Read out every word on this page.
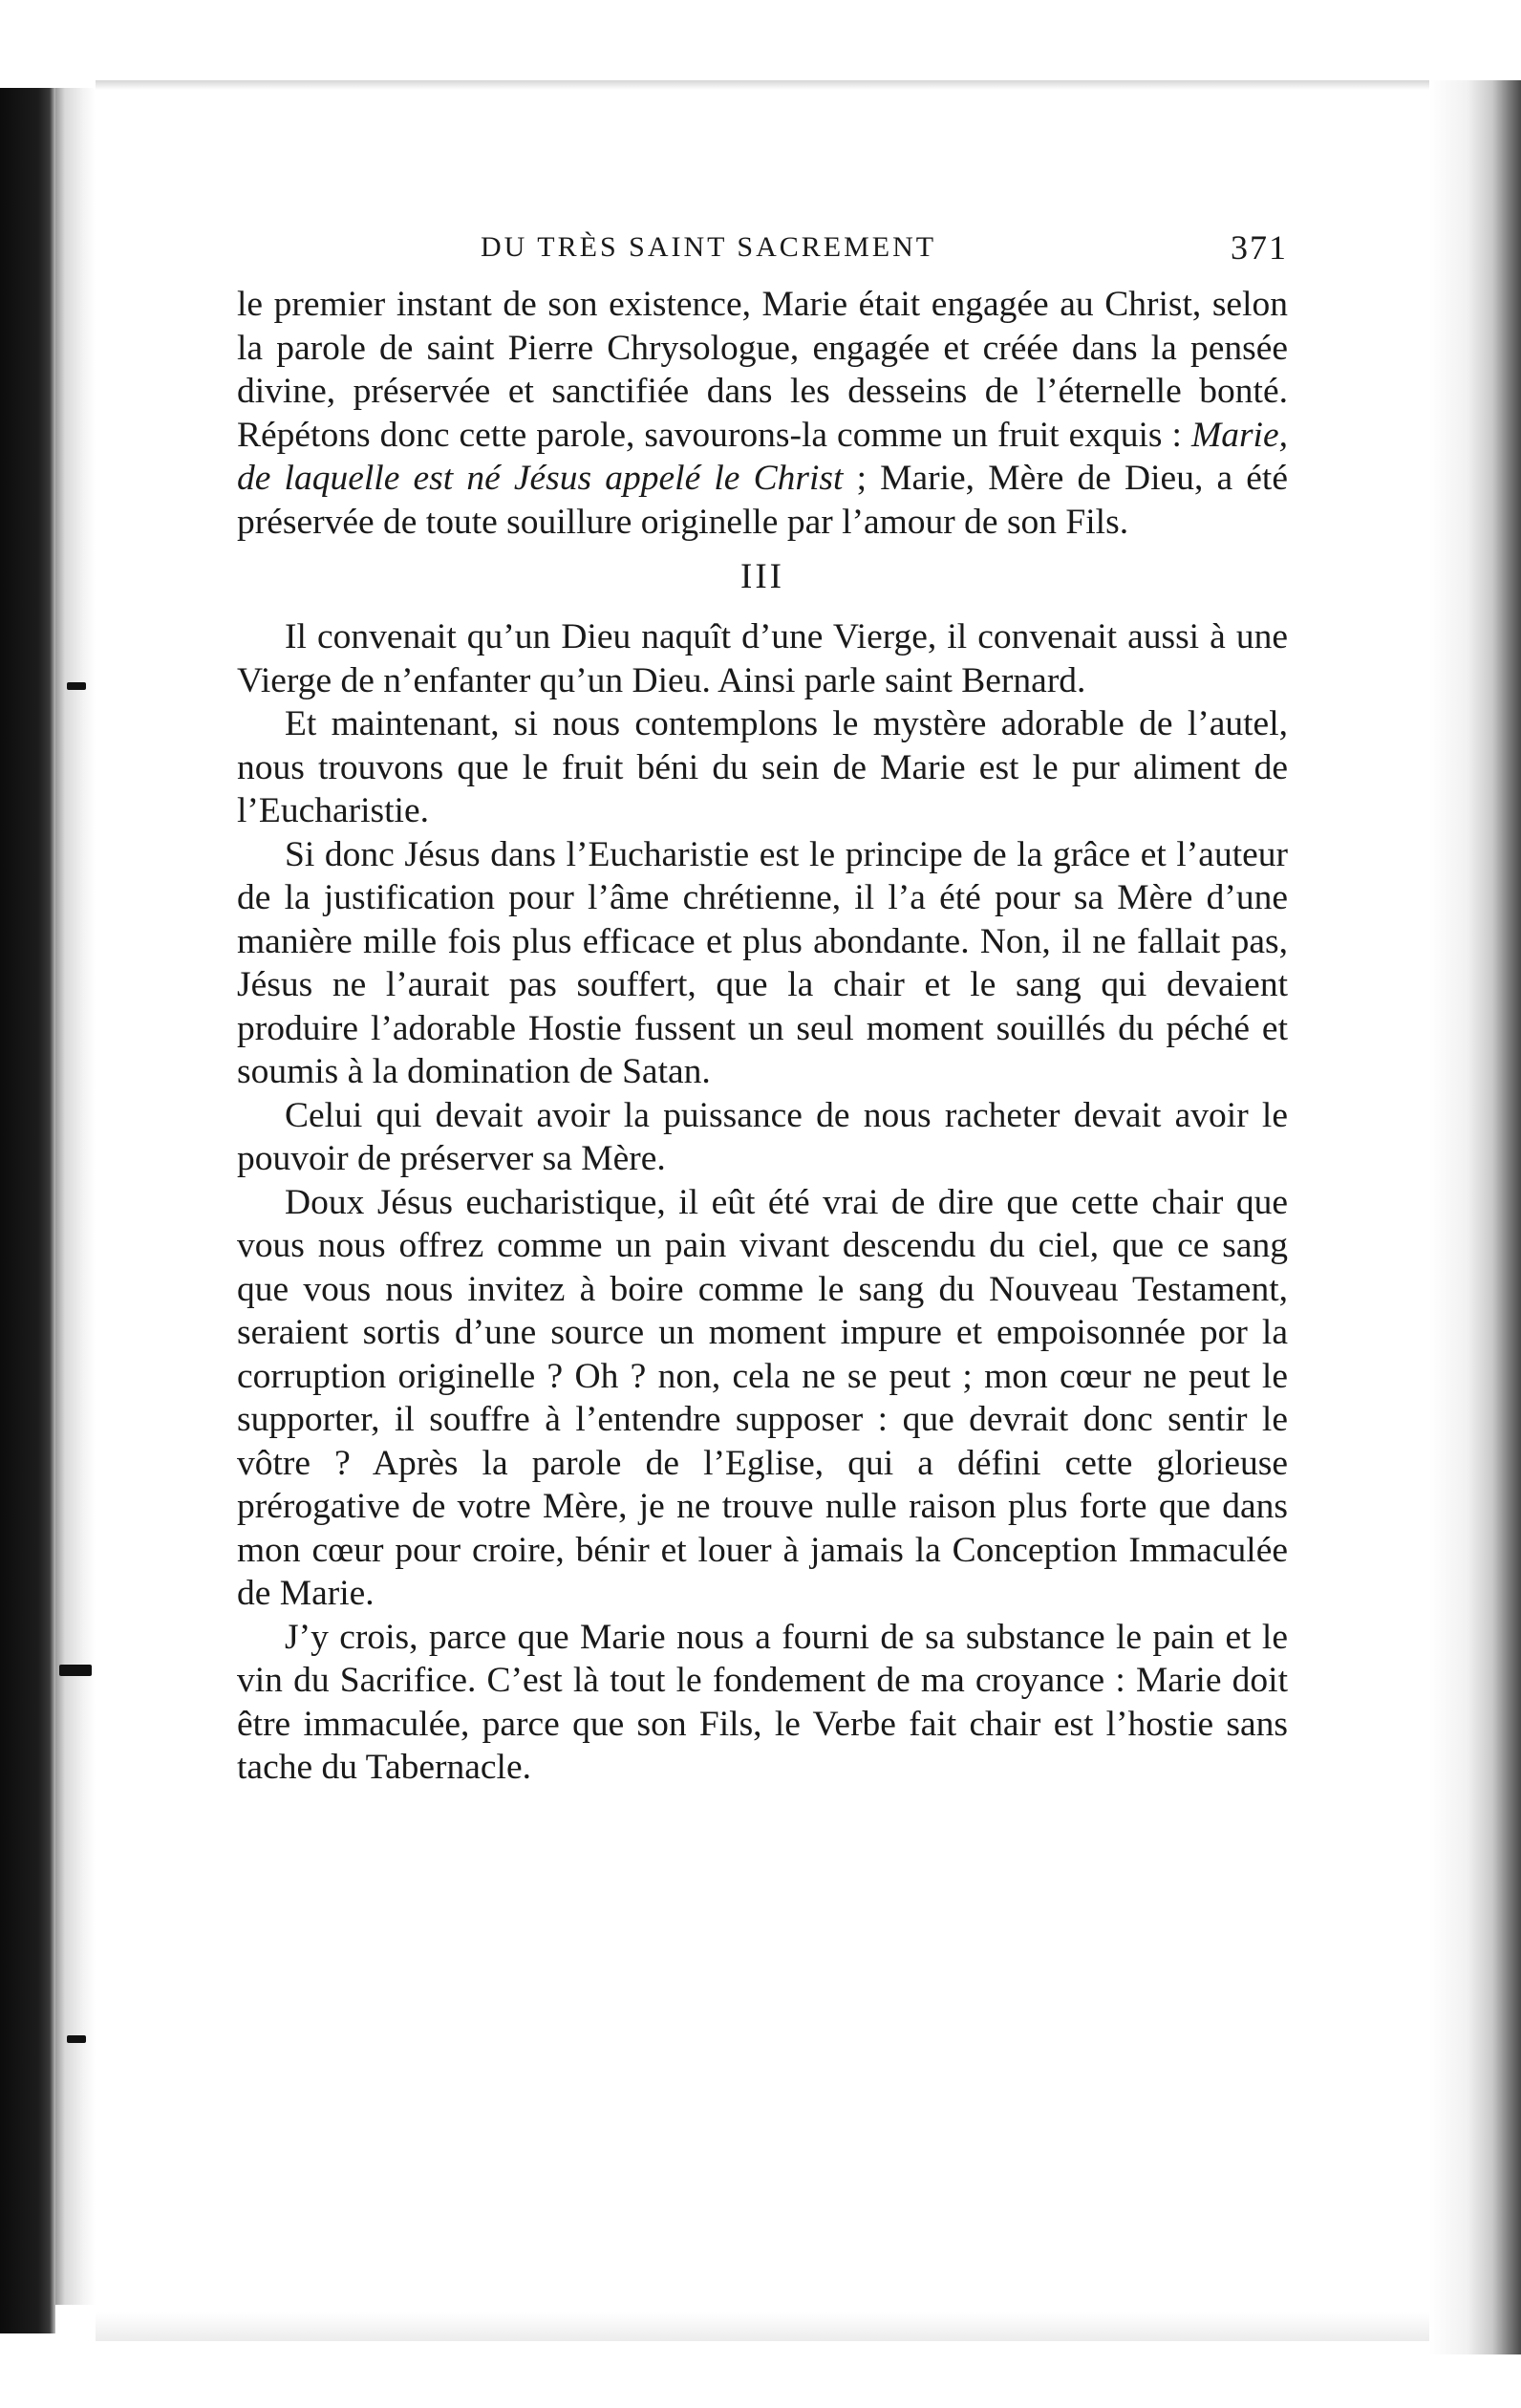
DU TRÈS SAINT SACREMENT	371

le premier instant de son existence, Marie était engagée au Christ, selon la parole de saint Pierre Chrysologue, engagée et créée dans la pensée divine, préservée et sanctifiée dans les desseins de l’éternelle bonté. Répétons donc cette parole, savourons-la comme un fruit exquis : Marie, de laquelle est né Jésus appelé le Christ ; Marie, Mère de Dieu, a été préservée de toute souillure originelle par l’amour de son Fils.

III

Il convenait qu’un Dieu naquît d’une Vierge, il convenait aussi à une Vierge de n’enfanter qu’un Dieu. Ainsi parle saint Bernard.

Et maintenant, si nous contemplons le mystère adorable de l’autel, nous trouvons que le fruit béni du sein de Marie est le pur aliment de l’Eucharistie.

Si donc Jésus dans l’Eucharistie est le principe de la grâce et l’auteur de la justification pour l’âme chrétienne, il l’a été pour sa Mère d’une manière mille fois plus efficace et plus abondante. Non, il ne fallait pas, Jésus ne l’aurait pas souffert, que la chair et le sang qui devaient produire l’adorable Hostie fussent un seul moment souillés du péché et soumis à la domination de Satan.

Celui qui devait avoir la puissance de nous racheter devait avoir le pouvoir de préserver sa Mère.

Doux Jésus eucharistique, il eût été vrai de dire que cette chair que vous nous offrez comme un pain vivant descendu du ciel, que ce sang que vous nous invitez à boire comme le sang du Nouveau Testament, seraient sortis d’une source un moment impure et empoisonnée por la corruption originelle ? Oh ? non, cela ne se peut ; mon cœur ne peut le supporter, il souffre à l’entendre supposer : que devrait donc sentir le vôtre ? Après la parole de l’Eglise, qui a défini cette glorieuse prérogative de votre Mère, je ne trouve nulle raison plus forte que dans mon cœur pour croire, bénir et louer à jamais la Conception Immaculée de Marie.

J’y crois, parce que Marie nous a fourni de sa substance le pain et le vin du Sacrifice. C’est là tout le fondement de ma croyance : Marie doit être immaculée, parce que son Fils, le Verbe fait chair est l’hostie sans tache du Tabernacle.
